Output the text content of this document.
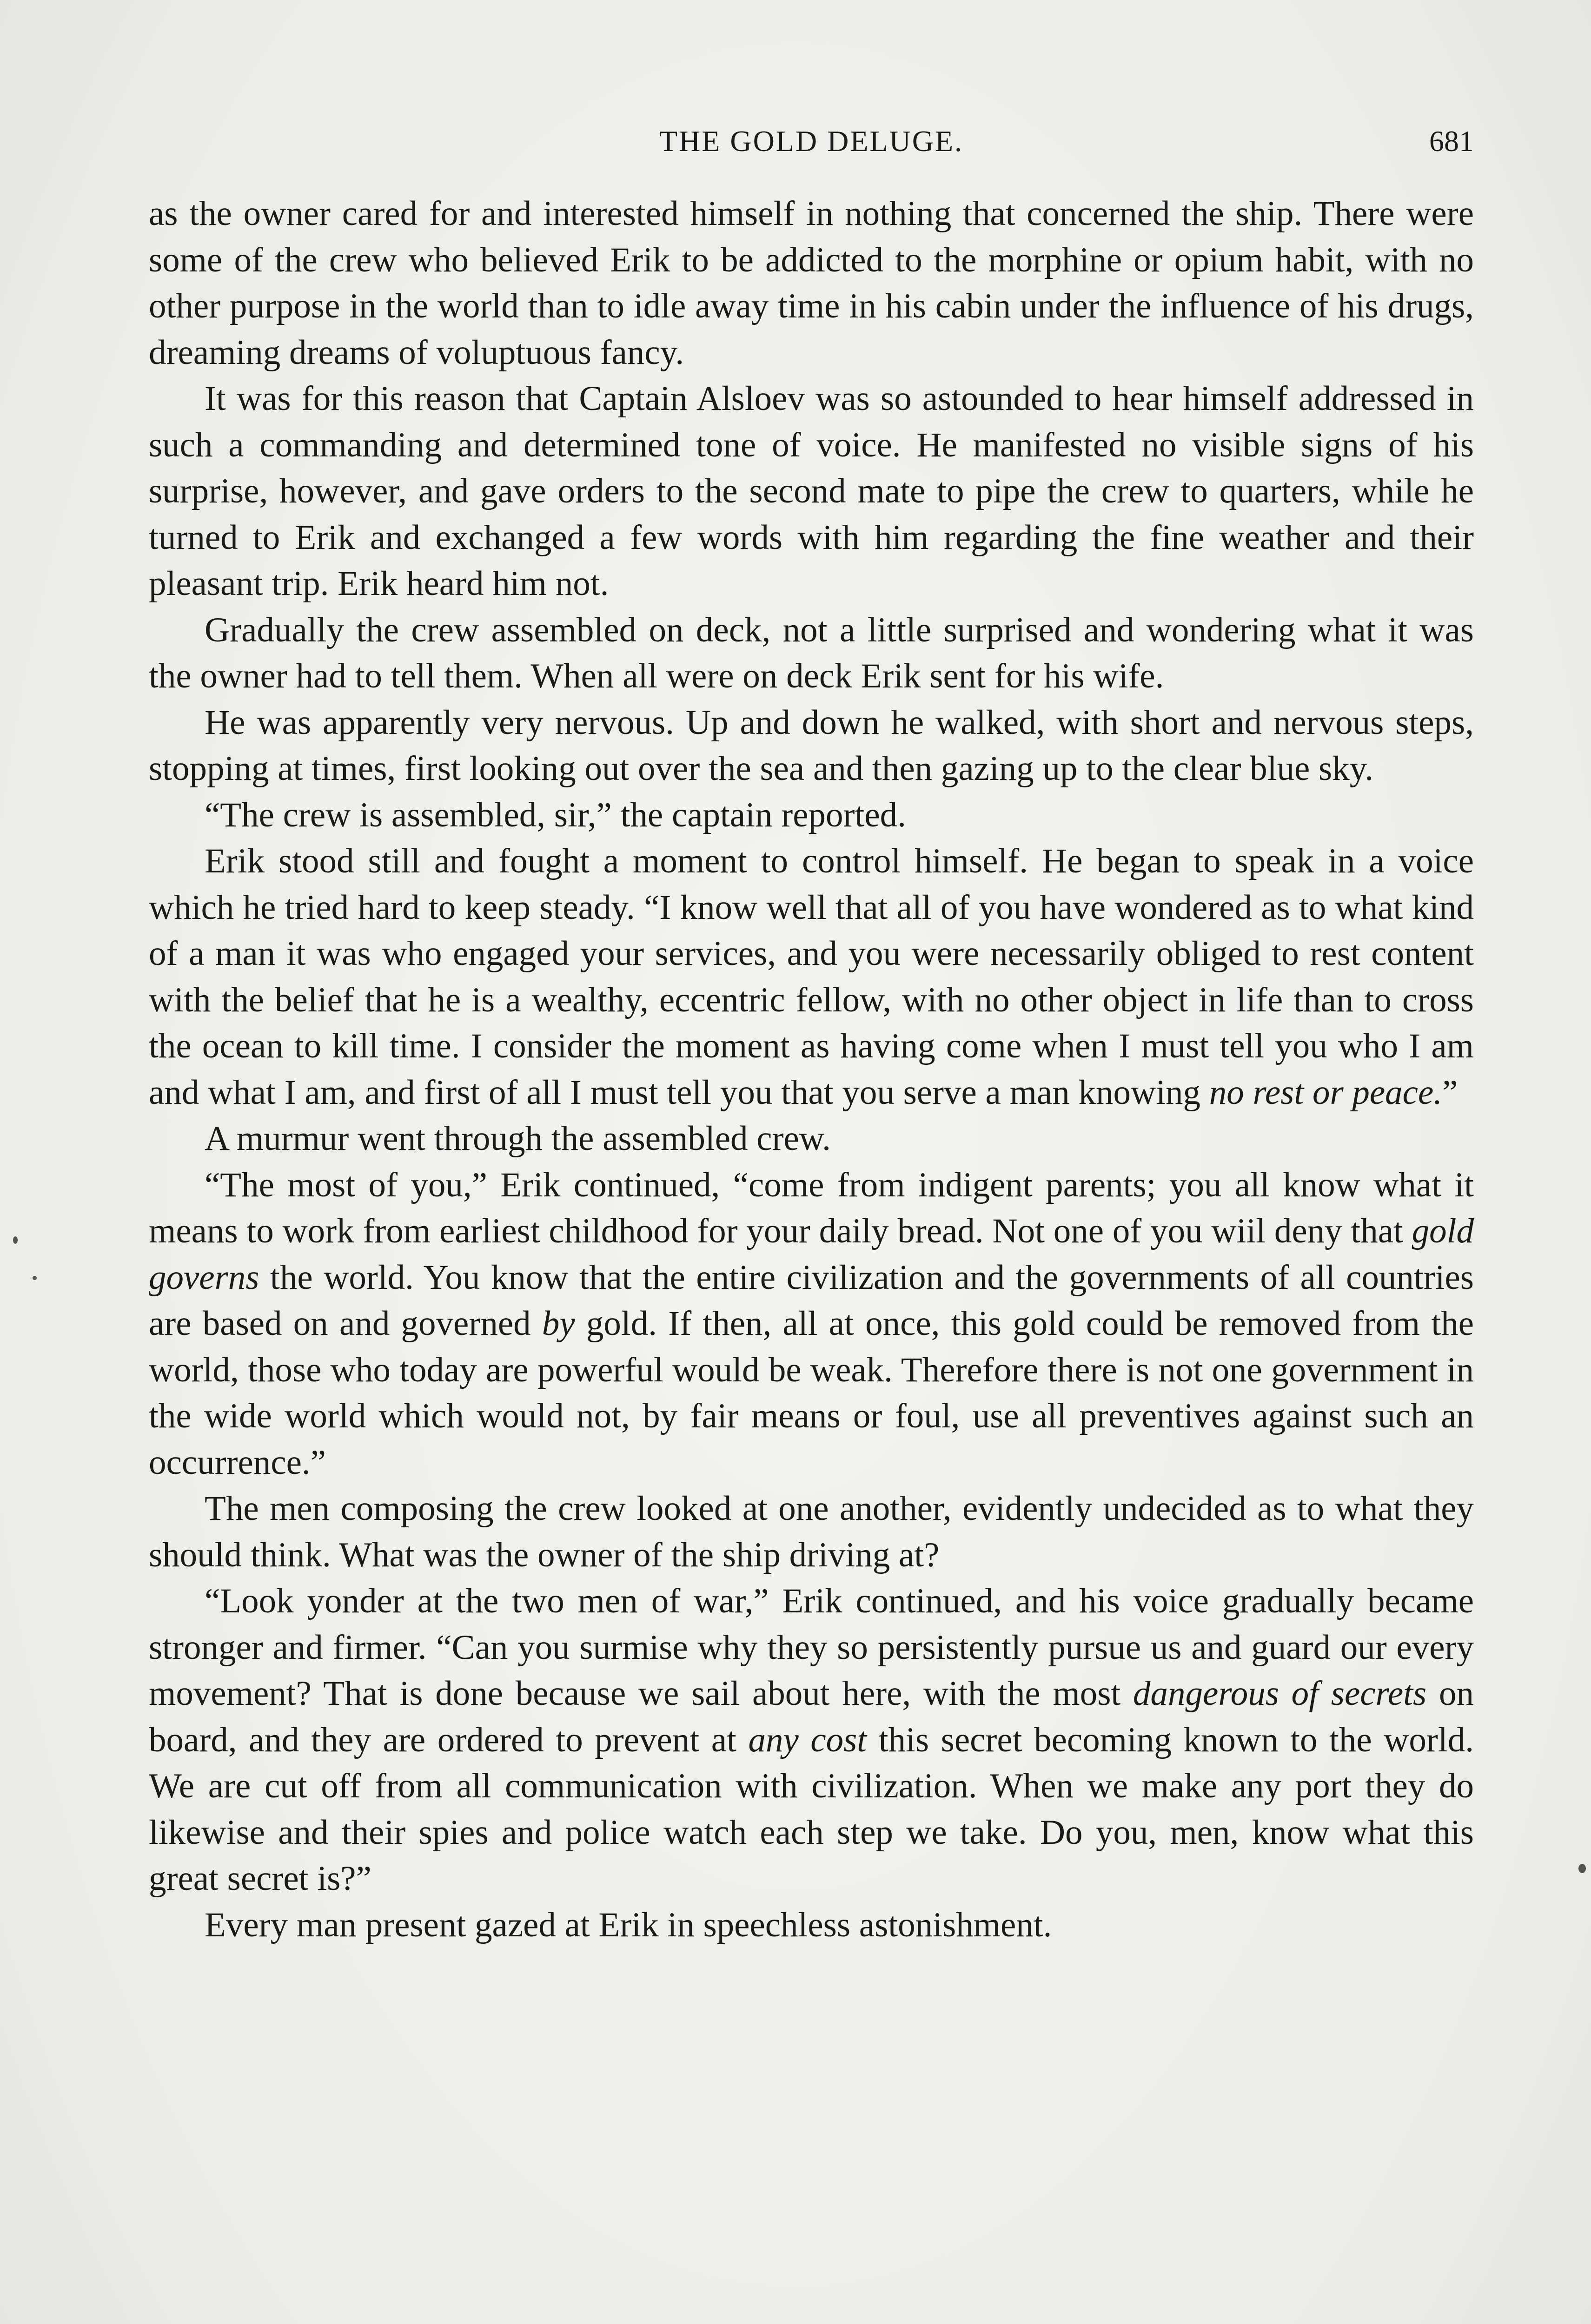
THE GOLD DELUGE.	681

as the owner cared for and interested himself in nothing that concerned the ship. There were some of the crew who believed Erik to be addicted to the morphine or opium habit, with no other purpose in the world than to idle away time in his cabin under the influence of his drugs, dreaming dreams of voluptuous fancy.

It was for this reason that Captain Alsloev was so astounded to hear himself addressed in such a commanding and determined tone of voice. He manifested no visible signs of his surprise, however, and gave orders to the second mate to pipe the crew to quarters, while he turned to Erik and exchanged a few words with him regarding the fine weather and their pleasant trip. Erik heard him not.

Gradually the crew assembled on deck, not a little surprised and wondering what it was the owner had to tell them. When all were on deck Erik sent for his wife.

He was apparently very nervous. Up and down he walked, with short and nervous steps, stopping at times, first looking out over the sea and then gazing up to the clear blue sky.

“The crew is assembled, sir,” the captain reported.

Erik stood still and fought a moment to control himself. He began to speak in a voice which he tried hard to keep steady. “I know well that all of you have wondered as to what kind of a man it was who engaged your services, and you were necessarily obliged to rest content with the belief that he is a wealthy, eccentric fellow, with no other object in life than to cross the ocean to kill time. I consider the moment as having come when I must tell you who I am and what I am, and first of all I must tell you that you serve a man knowing no rest or peace.”

A murmur went through the assembled crew.

“The most of you,” Erik continued, “come from indigent parents; you all know what it means to work from earliest childhood for your daily bread. Not one of you wiil deny that gold governs the world. You know that the entire civilization and the governments of all countries are based on and governed by gold. If then, all at once, this gold could be removed from the world, those who today are powerful would be weak. Therefore there is not one government in the wide world which would not, by fair means or foul, use all preventives against such an occurrence.”

The men composing the crew looked at one another, evidently undecided as to what they should think. What was the owner of the ship driving at?

“Look yonder at the two men of war,” Erik continued, and his voice gradually became stronger and firmer. “Can you surmise why they so persistently pursue us and guard our every movement? That is done because we sail about here, with the most dangerous of secrets on board, and they are ordered to prevent at any cost this secret becoming known to the world. We are cut off from all communication with civilization. When we make any port they do likewise and their spies and police watch each step we take. Do you, men, know what this great secret is?”

Every man present gazed at Erik in speechless astonishment.
